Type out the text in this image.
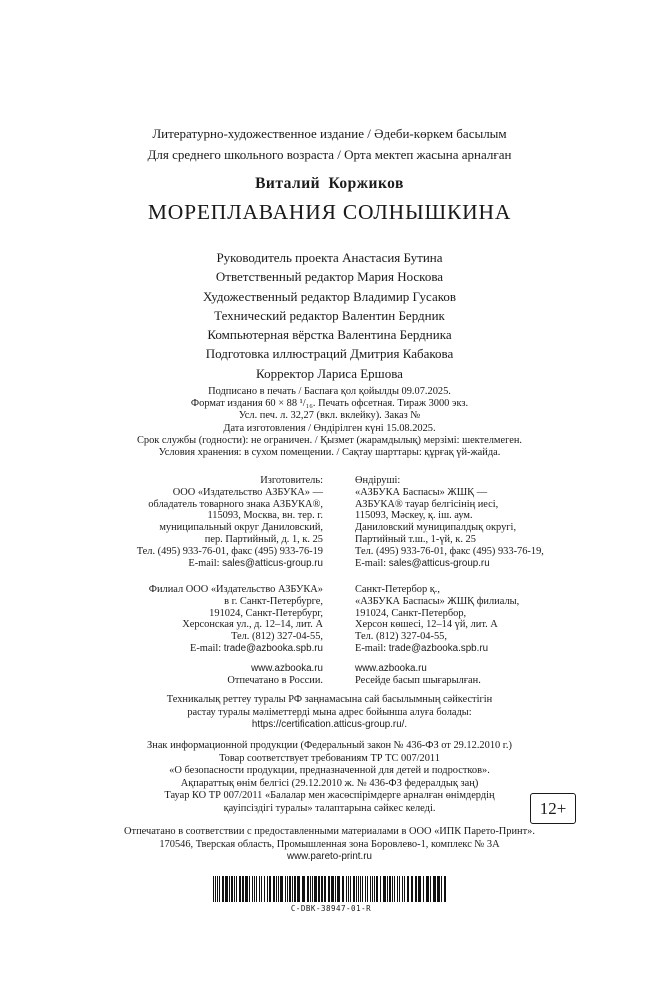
Литературно-художественное издание / Әдеби-көркем басылым
Для среднего школьного возраста / Орта мектеп жасына арналған
Виталий Коржиков
МОРЕПЛАВАНИЯ СОЛНЫШКИНА
Руководитель проекта Анастасия Бутина
Ответственный редактор Мария Носкова
Художественный редактор Владимир Гусаков
Технический редактор Валентин Бердник
Компьютерная вёрстка Валентина Бердника
Подготовка иллюстраций Дмитрия Кабакова
Корректор Лариса Ершова
Подписано в печать / Баспаға қол қойылды 09.07.2025.
Формат издания 60 × 88 ¹/₁₆. Печать офсетная. Тираж 3000 экз.
Усл. печ. л. 32,27 (вкл. вклейку). Заказ №
Дата изготовления / Өндірілген күні 15.08.2025.
Срок службы (годности): не ограничен. / Қызмет (жарамдылық) мерзімі: шектелмеген.
Условия хранения: в сухом помещении. / Сақтау шарттары: құрғақ үй-жайда.
Изготовитель:
ООО «Издательство АЗБУКА» —
обладатель товарного знака АЗБУКА®,
115093, Москва, вн. тер. г.
муниципальный округ Даниловский,
пер. Партийный, д. 1, к. 25
Тел. (495) 933-76-01, факс (495) 933-76-19
E-mail: sales@atticus-group.ru
Өндіруші:
«АЗБУКА Баспасы» ЖШҚ —
АЗБУКА® тауар белгісінің иесі,
115093, Мәскеу, қ. іш. аум.
Даниловский муниципалдық округі,
Партийный т.ш., 1-үй, к. 25
Тел. (495) 933-76-01, факс (495) 933-76-19,
E-mail: sales@atticus-group.ru
Филиал ООО «Издательство АЗБУКА»
в г. Санкт-Петербурге,
191024, Санкт-Петербург,
Херсонская ул., д. 12–14, лит. А
Тел. (812) 327-04-55,
E-mail: trade@azbooka.spb.ru
Санкт-Петербор қ.,
«АЗБУКА Баспасы» ЖШҚ филиалы,
191024, Санкт-Петербор,
Херсон көшесі, 12–14 үй, лит. А
Тел. (812) 327-04-55,
E-mail: trade@azbooka.spb.ru
www.azbooka.ru
Отпечатано в России.
www.azbooka.ru
Ресейде басып шығарылған.
Техникалық реттеу туралы РФ заңнамасына сай басылымның сәйкестігін
растау туралы мәліметтерді мына адрес бойынша алуға болады:
https://certification.atticus-group.ru/.
Знак информационной продукции (Федеральный закон № 436-ФЗ от 29.12.2010 г.)
Товар соответствует требованиям ТР ТС 007/2011
«О безопасности продукции, предназначенной для детей и подростков».
Ақпараттық өнім белгісі (29.12.2010 ж. № 436-ФЗ федералдық заң)
Тауар КО ТР 007/2011 «Балалар мен жасөспірімдерге арналған өнімдердің
қауіпсіздігі туралы» талаптарына сәйкес келеді.	12+
Отпечатано в соответствии с предоставленными материалами в ООО «ИПК Парето-Принт».
170546, Тверская область, Промышленная зона Боровлево-1, комплекс № 3А
www.pareto-print.ru
C-DBK-38947-01-R
